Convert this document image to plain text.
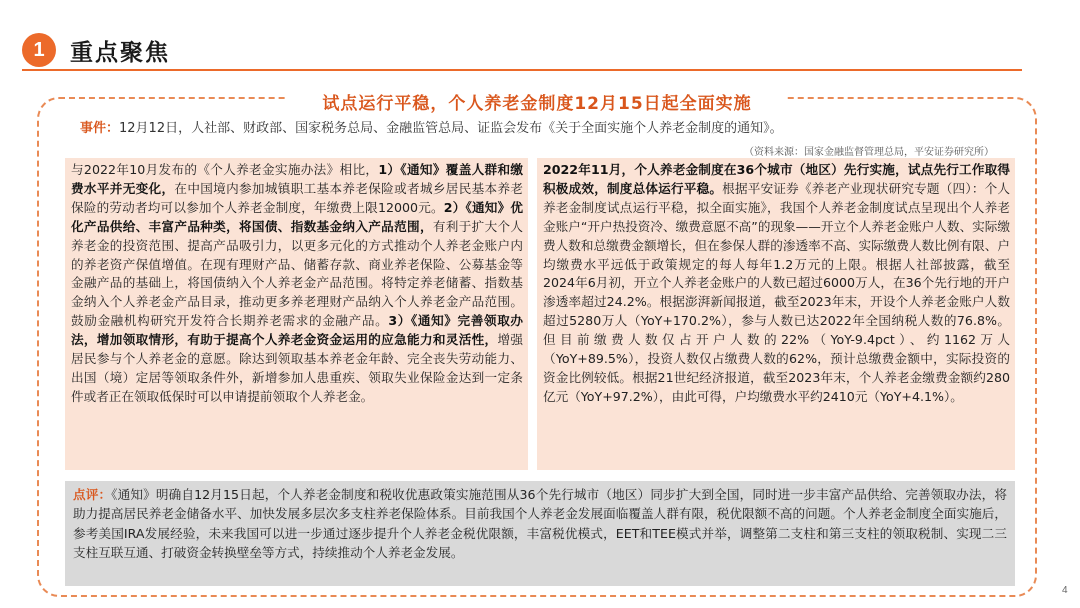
1	重点聚焦
试点运行平稳，个人养老金制度12月15日起全面实施
事件：12月12日，人社部、财政部、国家税务总局、金融监管总局、证监会发布《关于全面实施个人养老金制度的通知》。
（资料来源：国家金融监督管理总局，平安证券研究所）
与2022年10月发布的《个人养老金实施办法》相比，1）《通知》覆盖人群和缴费水平并无变化，在中国境内参加城镇职工基本养老保险或者城乡居民基本养老保险的劳动者均可以参加个人养老金制度，年缴费上限12000元。2）《通知》优化产品供给、丰富产品种类，将国债、指数基金纳入产品范围，有利于扩大个人养老金的投资范围、提高产品吸引力，以更多元化的方式推动个人养老金账户内的养老资产保值增值。在现有理财产品、储蓄存款、商业养老保险、公募基金等金融产品的基础上，将国债纳入个人养老金产品范围。将特定养老储蓄、指数基金纳入个人养老金产品目录，推动更多养老理财产品纳入个人养老金产品范围。鼓励金融机构研究开发符合长期养老需求的金融产品。3）《通知》完善领取办法，增加领取情形，有助于提高个人养老金资金运用的应急能力和灵活性，增强居民参与个人养老金的意愿。除达到领取基本养老金年龄、完全丧失劳动能力、出国（境）定居等领取条件外，新增参加人患重疾、领取失业保险金达到一定条件或者正在领取低保时可以申请提前领取个人养老金。
2022年11月，个人养老金制度在36个城市（地区）先行实施，试点先行工作取得积极成效，制度总体运行平稳。根据平安证券《养老产业现状研究专题（四）：个人养老金制度试点运行平稳，拟全面实施》，我国个人养老金制度试点呈现出个人养老金账户“开户热投资冷、缴费意愿不高”的现象——开立个人养老金账户人数、实际缴费人数和总缴费金额增长，但在参保人群的渗透率不高、实际缴费人数比例有限、户均缴费水平远低于政策规定的每人每年1.2万元的上限。根据人社部披露，截至2024年6月初，开立个人养老金账户的人数已超过6000万人，在36个先行地的开户渗透率超过24.2%。根据澎湃新闻报道，截至2023年末，开设个人养老金账户人数超过5280万人（YoY+170.2%），参与人数已达2022年全国纳税人数的76.8%。但目前缴费人数仅占开户人数的22%（YoY-9.4pct）、约1162万人（YoY+89.5%），投资人数仅占缴费人数的62%，预计总缴费金额中，实际投资的资金比例较低。根据21世纪经济报道，截至2023年末，个人养老金缴费金额约280亿元（YoY+97.2%），由此可得，户均缴费水平约2410元（YoY+4.1%）。
点评：《通知》明确自12月15日起，个人养老金制度和税收优惠政策实施范围从36个先行城市（地区）同步扩大到全国，同时进一步丰富产品供给、完善领取办法，将助力提高居民养老金储备水平、加快发展多层次多支柱养老保险体系。目前我国个人养老金发展面临覆盖人群有限，税优限额不高的问题。个人养老金制度全面实施后，参考美国IRA发展经验，未来我国可以进一步通过逐步提升个人养老金税优限额，丰富税优模式，EET和TEE模式并举，调整第二支柱和第三支柱的领取税制、实现二三支柱互联互通、打破资金转换壁垒等方式，持续推动个人养老金发展。
4
